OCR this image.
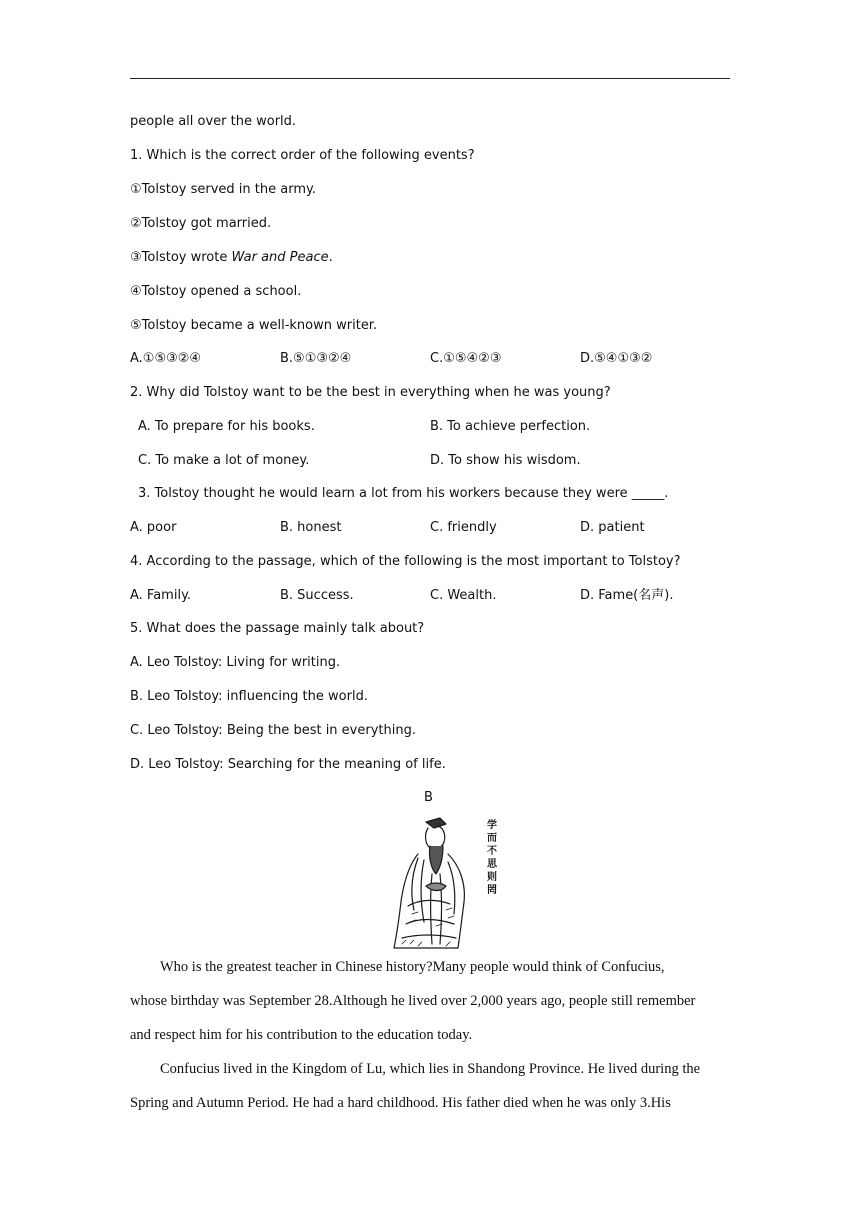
people all over the world.
1. Which is the correct order of the following events?
①Tolstoy served in the army.
②Tolstoy got married.
③Tolstoy wrote War and Peace.
④Tolstoy opened a school.
⑤Tolstoy became a well-known writer.
A.①⑤③②④	B.⑤①③②④	C.①⑤④②③	D.⑤④①③②
2. Why did Tolstoy want to be the best in everything when he was young?
A. To prepare for his books.	B. To achieve perfection.
C. To make a lot of money.	D. To show his wisdom.
3. Tolstoy thought he would learn a lot from his workers because they were _____.
A. poor	B. honest	C. friendly	D. patient
4. According to the passage, which of the following is the most important to Tolstoy?
A. Family.	B. Success.	C. Wealth.	D. Fame(名声).
5. What does the passage mainly talk about?
A. Leo Tolstoy: Living for writing.
B. Leo Tolstoy: influencing the world.
C. Leo Tolstoy: Being the best in everything.
D. Leo Tolstoy: Searching for the meaning of life.
B
学
而
不
思
则
罔
Who is the greatest teacher in Chinese history?Many people would think of Confucius,
whose birthday was September 28.Although he lived over 2,000 years ago, people still remember
and respect him for his contribution to the education today.
Confucius lived in the Kingdom of Lu, which lies in Shandong Province. He lived during the
Spring and Autumn Period. He had a hard childhood. His father died when he was only 3.His
